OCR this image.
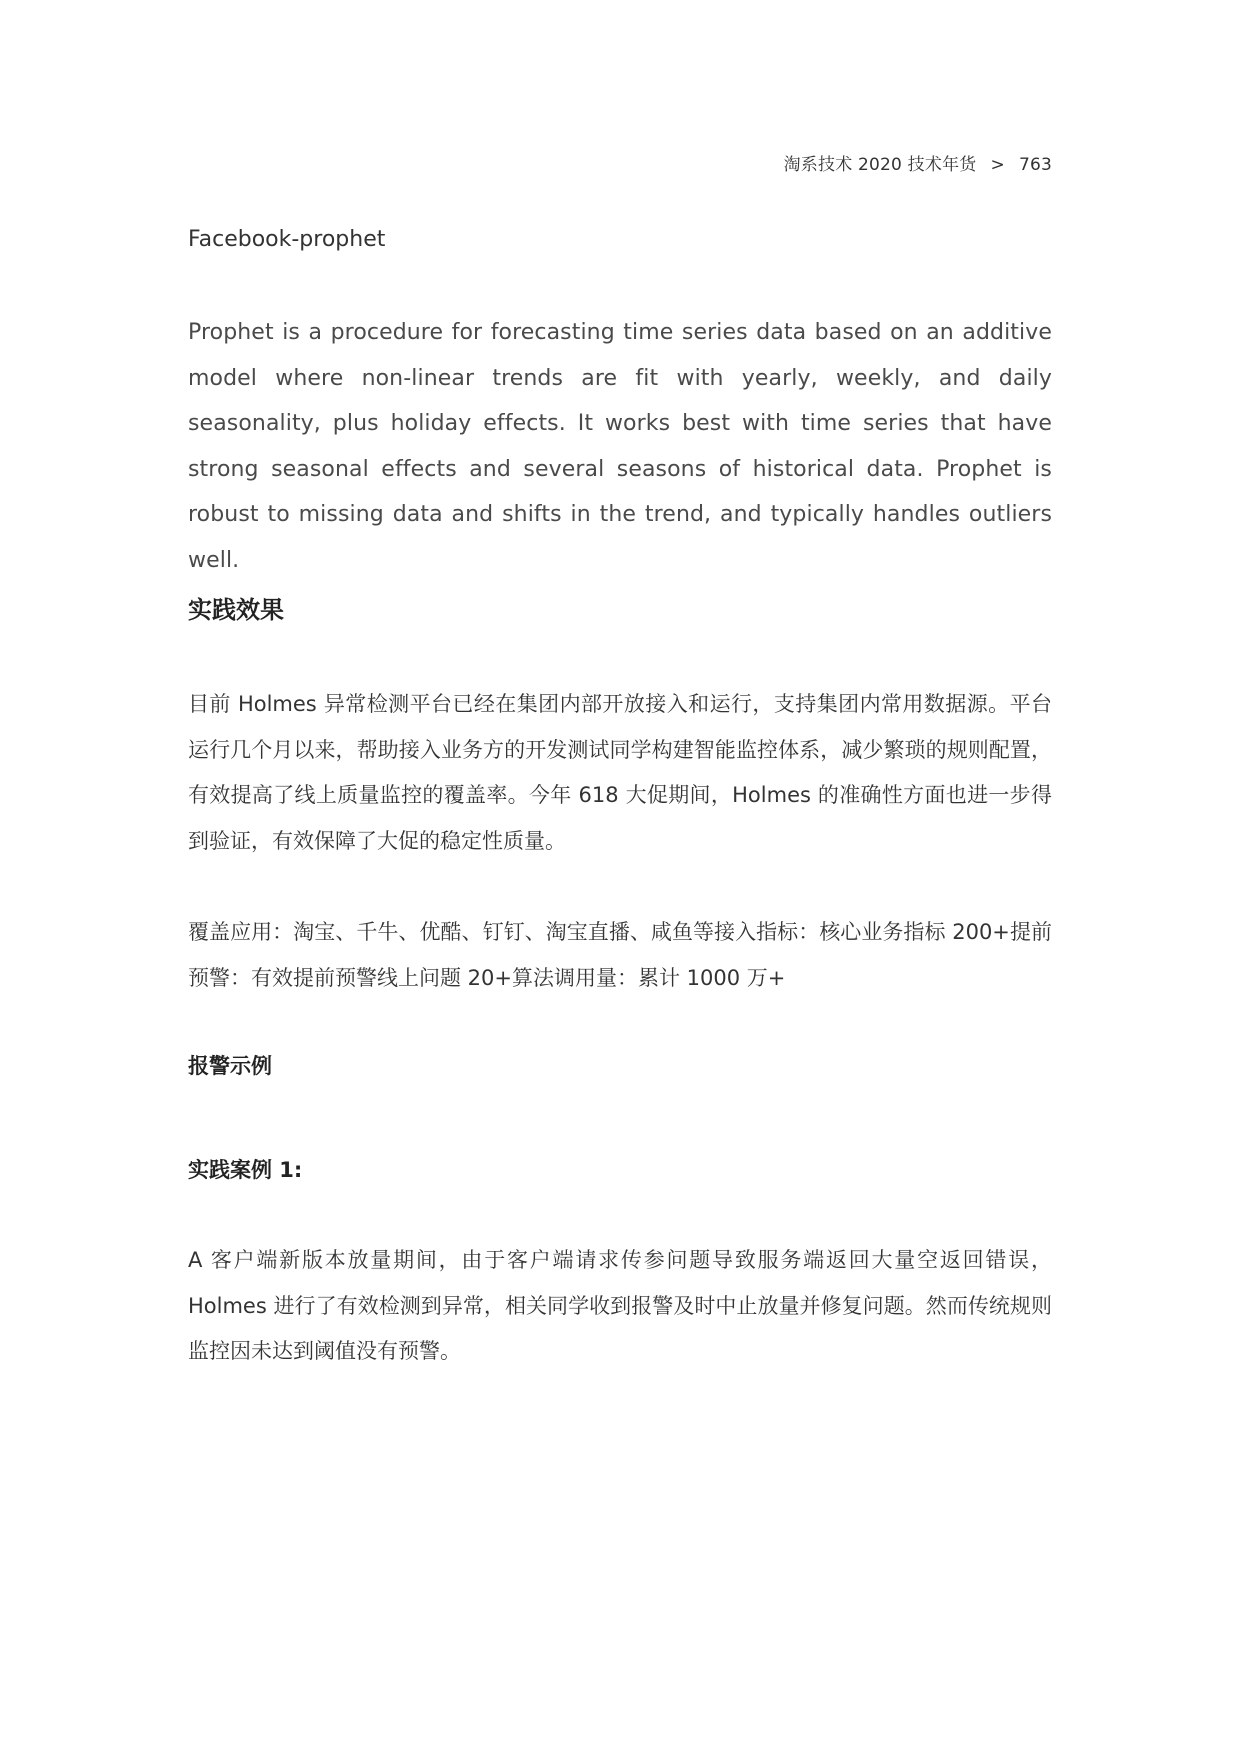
淘系技术 2020 技术年货 > 763
Facebook-prophet
Prophet is a procedure for forecasting time series data based on an additive model where non-linear trends are fit with yearly, weekly, and daily seasonality, plus holiday effects. It works best with time series that have strong seasonal effects and several seasons of historical data. Prophet is robust to missing data and shifts in the trend, and typically handles outliers well.
实践效果
目前 Holmes 异常检测平台已经在集团内部开放接入和运行，支持集团内常用数据源。平台运行几个月以来，帮助接入业务方的开发测试同学构建智能监控体系，减少繁琐的规则配置，有效提高了线上质量监控的覆盖率。今年 618 大促期间，Holmes 的准确性方面也进一步得到验证，有效保障了大促的稳定性质量。
覆盖应用：淘宝、千牛、优酷、钉钉、淘宝直播、咸鱼等接入指标：核心业务指标 200+提前预警：有效提前预警线上问题 20+算法调用量：累计 1000 万+
报警示例
实践案例 1:
A 客户端新版本放量期间，由于客户端请求传参问题导致服务端返回大量空返回错误，Holmes 进行了有效检测到异常，相关同学收到报警及时中止放量并修复问题。然而传统规则监控因未达到阈值没有预警。
